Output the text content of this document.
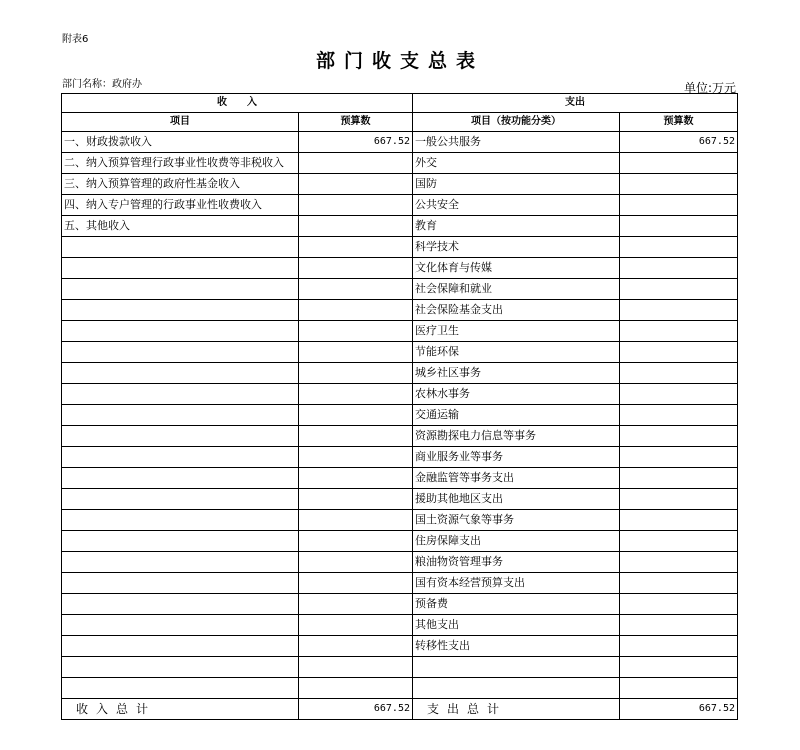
附表6
部门收支总表
部门名称：政府办	单位:万元
收　　入		支出	
项目	预算数	项目（按功能分类）	预算数
一、财政拨款收入	667.52	一般公共服务	667.52
二、纳入预算管理行政事业性收费等非税收入		外交	
三、纳入预算管理的政府性基金收入		国防	
四、纳入专户管理的行政事业性收费收入		公共安全	
五、其他收入		教育	
		科学技术	
		文化体育与传媒	
		社会保障和就业	
		社会保险基金支出	
		医疗卫生	
		节能环保	
		城乡社区事务	
		农林水事务	
		交通运输	
		资源勘探电力信息等事务	
		商业服务业等事务	
		金融监管等事务支出	
		援助其他地区支出	
		国土资源气象等事务	
		住房保障支出	
		粮油物资管理事务	
		国有资本经营预算支出	
		预备费	
		其他支出	
		转移性支出	

收入总计	667.52	支出总计	667.52
